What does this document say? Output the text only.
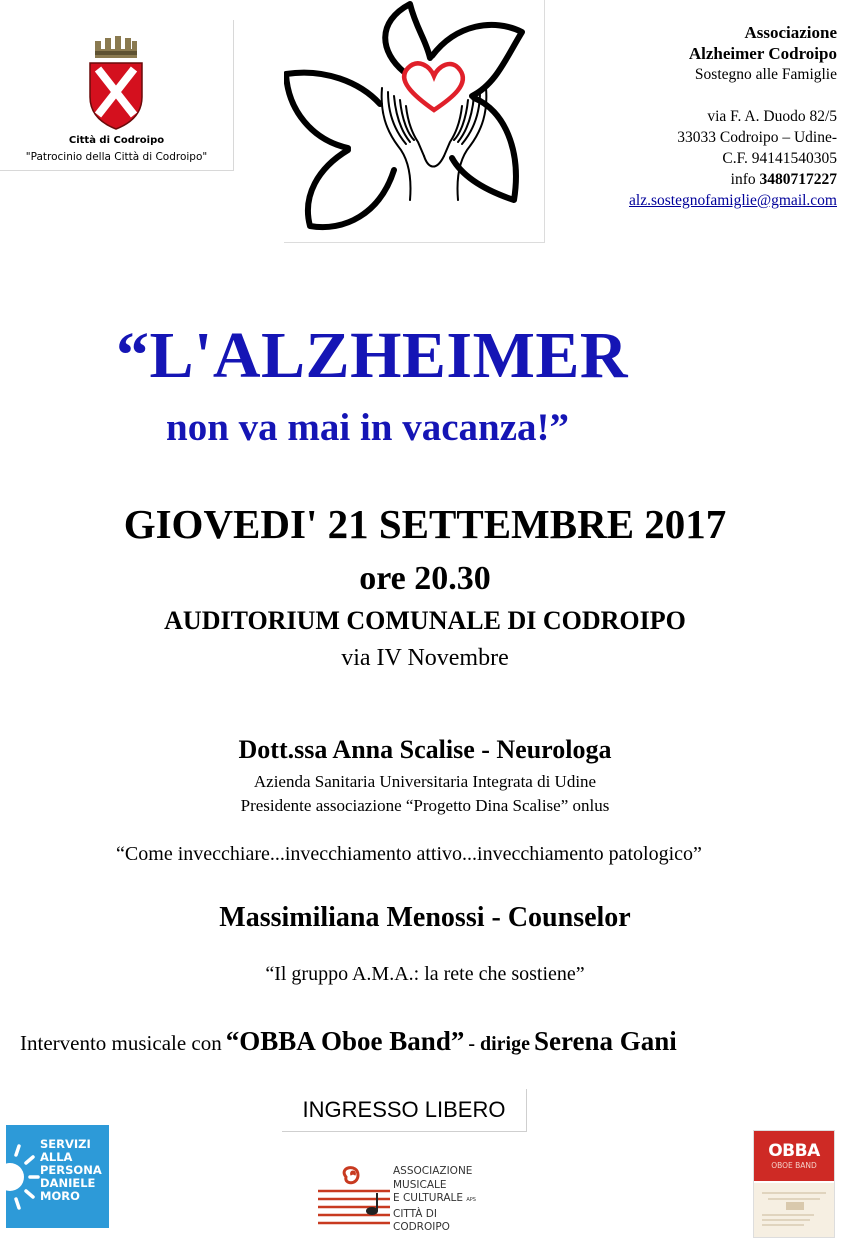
Città di Codroipo
"Patrocinio della Città di Codroipo"
Associazione
Alzheimer Codroipo
Sostegno alle Famiglie
via F. A. Duodo 82/5
33033 Codroipo – Udine-
C.F. 94141540305
info 3480717227
alz.sostegnofamiglie@gmail.com
“L'ALZHEIMER
non va mai in vacanza!”
GIOVEDI' 21 SETTEMBRE 2017
ore 20.30
AUDITORIUM COMUNALE DI CODROIPO
via IV Novembre
Dott.ssa Anna Scalise - Neurologa
Azienda Sanitaria Universitaria Integrata di Udine
Presidente associazione “Progetto Dina Scalise” onlus
“Come invecchiare...invecchiamento attivo...invecchiamento patologico”
Massimiliana Menossi - Counselor
“Il gruppo A.M.A.: la rete che sostiene”
Intervento musicale con “OBBA Oboe Band” - dirige Serena Gani
INGRESSO LIBERO
SERVIZI
ALLA
PERSONA
DANIELE
MORO
ASSOCIAZIONE
MUSICALE
E CULTURALE APS
CITTÀ DI CODROIPO
OBBA
OBOE BAND
